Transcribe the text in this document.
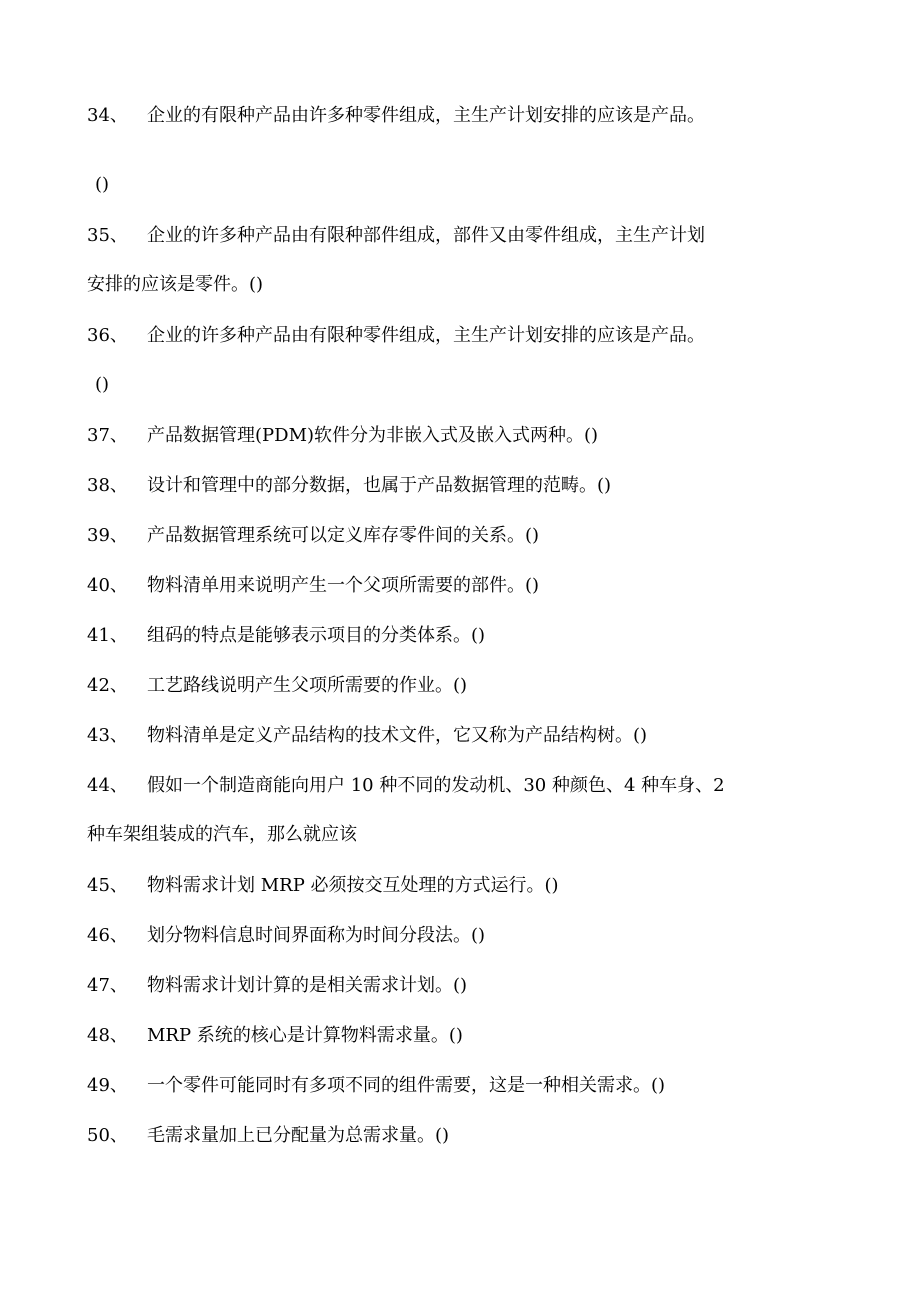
34、 企业的有限种产品由许多种零件组成，主生产计划安排的应该是产品。
()
35、 企业的许多种产品由有限种部件组成，部件又由零件组成，主生产计划
安排的应该是零件。()
36、 企业的许多种产品由有限种零件组成，主生产计划安排的应该是产品。
()
37、 产品数据管理(PDM)软件分为非嵌入式及嵌入式两种。()
38、 设计和管理中的部分数据，也属于产品数据管理的范畴。()
39、 产品数据管理系统可以定义库存零件间的关系。()
40、 物料清单用来说明产生一个父项所需要的部件。()
41、 组码的特点是能够表示项目的分类体系。()
42、 工艺路线说明产生父项所需要的作业。()
43、 物料清单是定义产品结构的技术文件，它又称为产品结构树。()
44、 假如一个制造商能向用户 10 种不同的发动机、30 种颜色、4 种车身、2
种车架组装成的汽车，那么就应该
45、 物料需求计划 MRP 必须按交互处理的方式运行。()
46、 划分物料信息时间界面称为时间分段法。()
47、 物料需求计划计算的是相关需求计划。()
48、 MRP 系统的核心是计算物料需求量。()
49、 一个零件可能同时有多项不同的组件需要，这是一种相关需求。()
50、 毛需求量加上已分配量为总需求量。()
